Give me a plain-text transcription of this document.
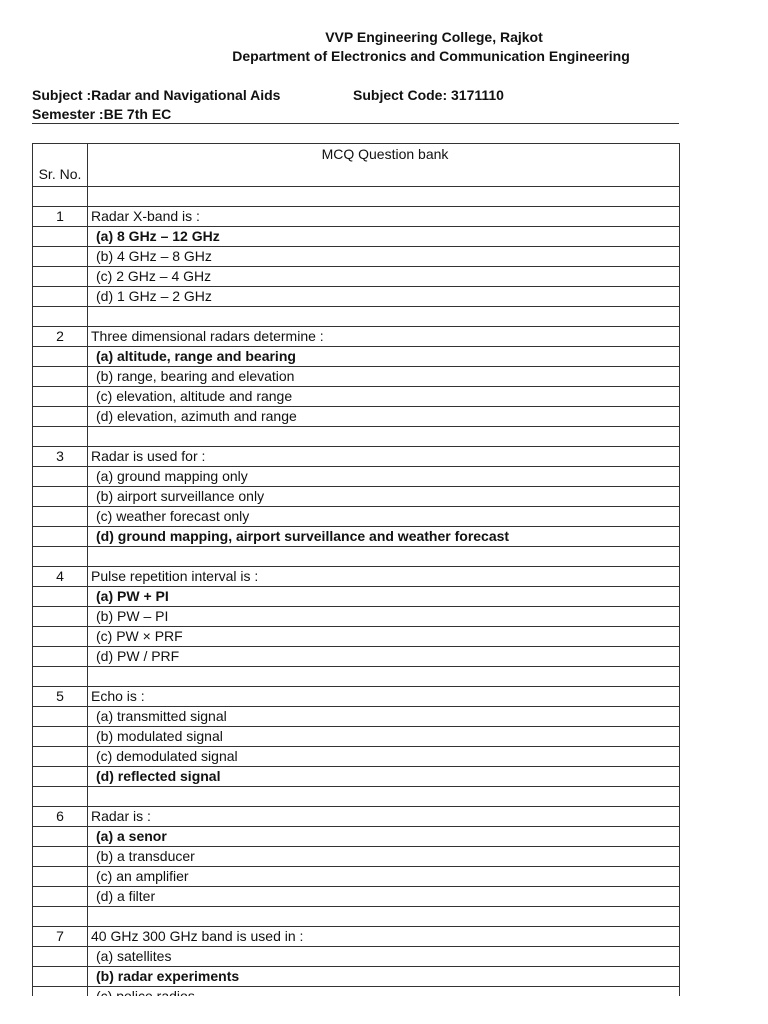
VVP Engineering College, Rajkot
Department of Electronics and Communication Engineering
Subject :Radar and Navigational Aids	Subject Code: 3171110
Semester :BE 7th EC
Sr. No.	MCQ Question bank

1	Radar X-band is :
	(a) 8 GHz – 12 GHz
	(b) 4 GHz – 8 GHz
	(c) 2 GHz – 4 GHz
	(d) 1 GHz – 2 GHz

2	Three dimensional radars determine :
	(a) altitude, range and bearing
	(b) range, bearing and elevation
	(c) elevation, altitude and range
	(d) elevation, azimuth and range

3	Radar is used for :
	(a) ground mapping only
	(b) airport surveillance only
	(c) weather forecast only
	(d) ground mapping, airport surveillance and weather forecast

4	Pulse repetition interval is :
	(a) PW + PI
	(b) PW – PI
	(c) PW × PRF
	(d) PW / PRF

5	Echo is :
	(a) transmitted signal
	(b) modulated signal
	(c) demodulated signal
	(d) reflected signal

6	Radar is :
	(a) a senor
	(b) a transducer
	(c) an amplifier
	(d) a filter

7	40 GHz 300 GHz band is used in :
	(a) satellites
	(b) radar experiments
